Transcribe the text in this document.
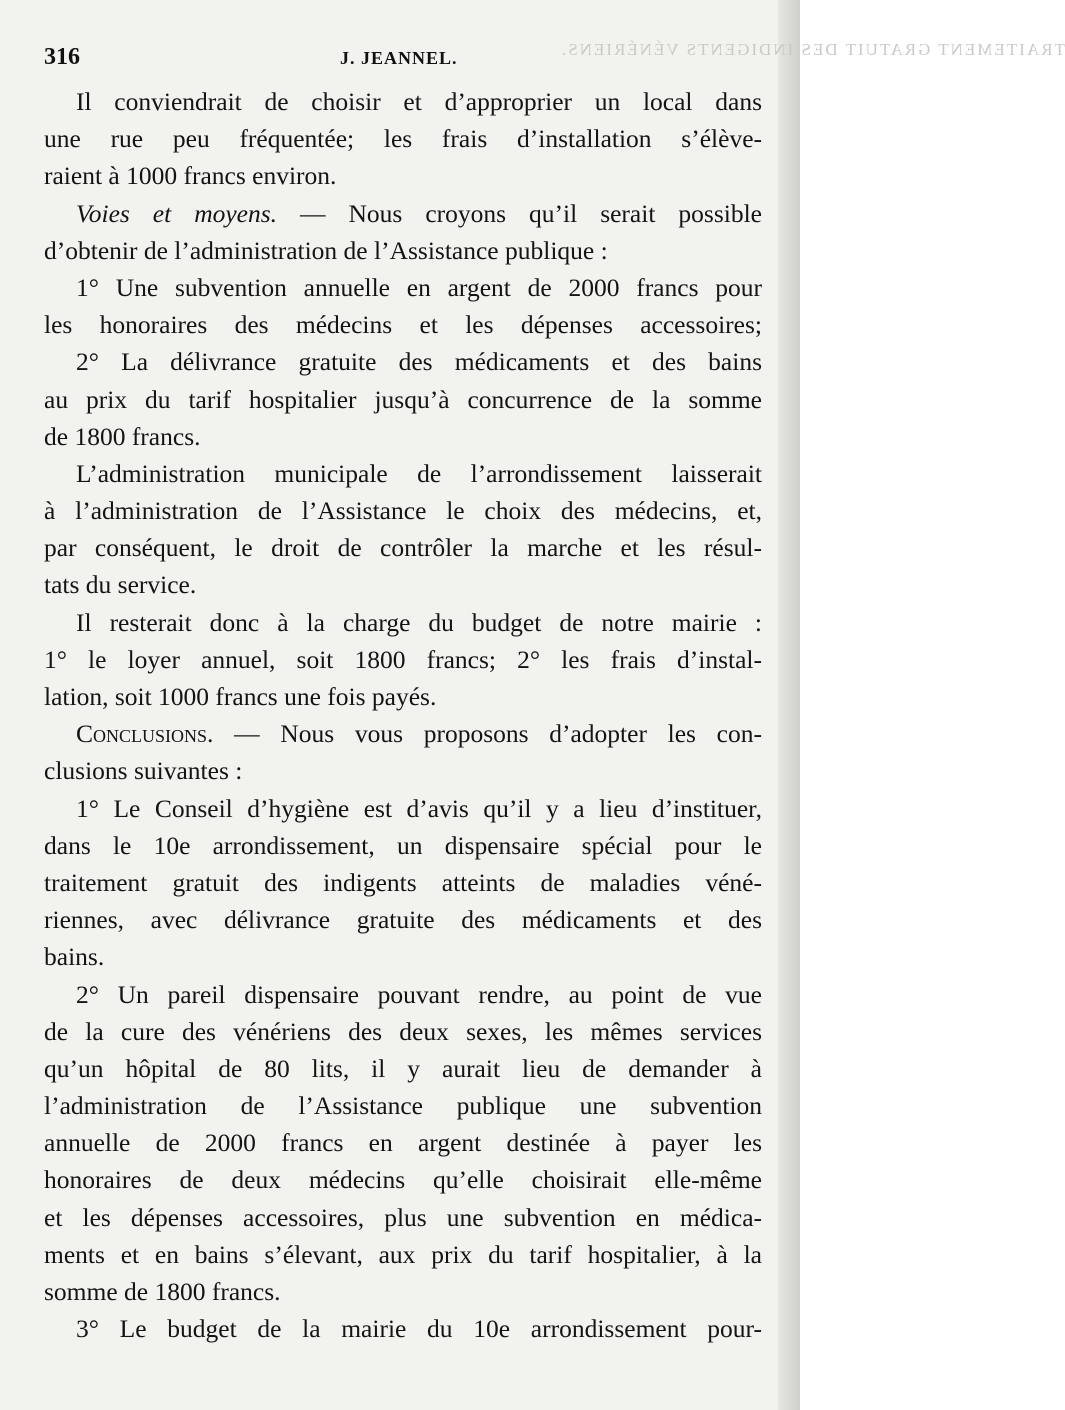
TRAITEMENT GRATUIT DES INDIGENTS VÉNÉRIENS.
316	J. JEANNEL.
Il conviendrait de choisir et d’approprier un local dans
une rue peu fréquentée; les frais d’installation s’élève-
raient à 1000 francs environ.
Voies et moyens. — Nous croyons qu’il serait possible
d’obtenir de l’administration de l’Assistance publique :
1° Une subvention annuelle en argent de 2000 francs pour
les honoraires des médecins et les dépenses accessoires;
2° La délivrance gratuite des médicaments et des bains
au prix du tarif hospitalier jusqu’à concurrence de la somme
de 1800 francs.
L’administration municipale de l’arrondissement laisserait
à l’administration de l’Assistance le choix des médecins, et,
par conséquent, le droit de contrôler la marche et les résul-
tats du service.
Il resterait donc à la charge du budget de notre mairie :
1° le loyer annuel, soit 1800 francs; 2° les frais d’instal-
lation, soit 1000 francs une fois payés.
Conclusions. — Nous vous proposons d’adopter les con-
clusions suivantes :
1° Le Conseil d’hygiène est d’avis qu’il y a lieu d’instituer,
dans le 10e arrondissement, un dispensaire spécial pour le
traitement gratuit des indigents atteints de maladies véné-
riennes, avec délivrance gratuite des médicaments et des
bains.
2° Un pareil dispensaire pouvant rendre, au point de vue
de la cure des vénériens des deux sexes, les mêmes services
qu’un hôpital de 80 lits, il y aurait lieu de demander à
l’administration de l’Assistance publique une subvention
annuelle de 2000 francs en argent destinée à payer les
honoraires de deux médecins qu’elle choisirait elle-même
et les dépenses accessoires, plus une subvention en médica-
ments et en bains s’élevant, aux prix du tarif hospitalier, à la
somme de 1800 francs.
3° Le budget de la mairie du 10e arrondissement pour-
